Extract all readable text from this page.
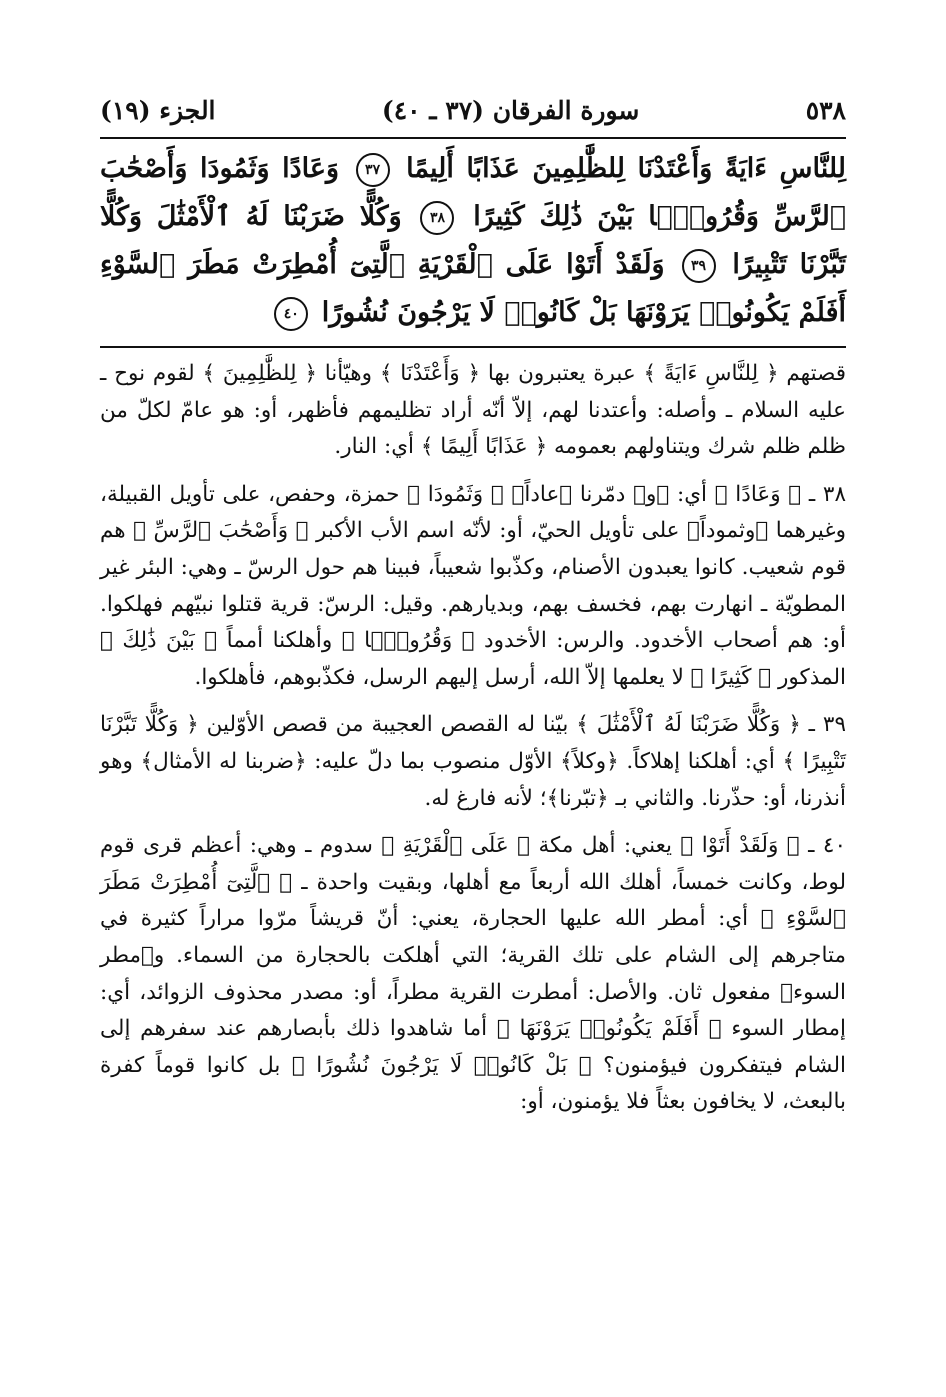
٥٣٨
سورة الفرقان (٣٧ ـ ٤٠)
الجزء (١٩)

لِلنَّاسِ ءَايَةً وَأَعْتَدْنَا لِلظَّٰلِمِينَ عَذَابًا أَلِيمًا ٣٧ وَعَادًا وَثَمُودَا وَأَصْحَٰبَ ٱلرَّسِّ وَقُرُونَۢا بَيْنَ ذَٰلِكَ كَثِيرًا ٣٨ وَكُلًّا ضَرَبْنَا لَهُ ٱلْأَمْثَٰلَ وَكُلًّا تَبَّرْنَا تَتْبِيرًا ٣٩ وَلَقَدْ أَتَوْا عَلَى ٱلْقَرْيَةِ ٱلَّتِىٓ أُمْطِرَتْ مَطَرَ ٱلسَّوْءِ أَفَلَمْ يَكُونُوا۟ يَرَوْنَهَا بَلْ كَانُوا۟ لَا يَرْجُونَ نُشُورًا ٤٠

قصتهم ﴿ لِلنَّاسِ ءَايَةً ﴾ عبرة يعتبرون بها ﴿ وَأَعْتَدْنَا ﴾ وهيّأنا ﴿ لِلظَّٰلِمِينَ ﴾ لقوم نوح ـ عليه السلام ـ وأصله: وأعتدنا لهم، إلاّ أنّه أراد تظليمهم فأظهر، أو: هو عامّ لكلّ من ظلم ظلم شرك ويتناولهم بعمومه ﴿ عَذَابًا أَلِيمًا ﴾ أي: النار.

٣٨ ـ ﴿ وَعَادًا ﴾ أي: ﴿و﴾ دمّرنا ﴿عاداً﴾ ﴿ وَثَمُودَا ﴾ حمزة، وحفص، على تأويل القبيلة، وغيرهما ﴿وثموداً﴾ على تأويل الحيّ، أو: لأنّه اسم الأب الأكبر ﴿ وَأَصْحَٰبَ ٱلرَّسِّ ﴾ هم قوم شعيب. كانوا يعبدون الأصنام، وكذّبوا شعيباً، فبينا هم حول الرسّ ـ وهي: البئر غير المطويّة ـ انهارت بهم، فخسف بهم، وبديارهم. وقيل: الرسّ: قرية قتلوا نبيّهم فهلكوا. أو: هم أصحاب الأخدود. والرس: الأخدود ﴿ وَقُرُونَۢا ﴾ وأهلكنا أمماً ﴿ بَيْنَ ذَٰلِكَ ﴾ المذكور ﴿ كَثِيرًا ﴾ لا يعلمها إلاّ الله، أرسل إليهم الرسل، فكذّبوهم، فأهلكوا.

٣٩ ـ ﴿ وَكُلًّا ضَرَبْنَا لَهُ ٱلْأَمْثَٰلَ ﴾ بيّنا له القصص العجيبة من قصص الأوّلين ﴿ وَكُلًّا تَبَّرْنَا تَتْبِيرًا ﴾ أي: أهلكنا إهلاكاً. ﴿وكلاً﴾ الأوّل منصوب بما دلّ عليه: ﴿ضربنا له الأمثال﴾ وهو أنذرنا، أو: حذّرنا. والثاني بـ ﴿تبّرنا﴾؛ لأنه فارغ له.

٤٠ ـ ﴿ وَلَقَدْ أَتَوْا ﴾ يعني: أهل مكة ﴿ عَلَى ٱلْقَرْيَةِ ﴾ سدوم ـ وهي: أعظم قرى قوم لوط، وكانت خمساً، أهلك الله أربعاً مع أهلها، وبقيت واحدة ـ ﴿ ٱلَّتِىٓ أُمْطِرَتْ مَطَرَ ٱلسَّوْءِ ﴾ أي: أمطر الله عليها الحجارة، يعني: أنّ قريشاً مرّوا مراراً كثيرة في متاجرهم إلى الشام على تلك القرية؛ التي أهلكت بالحجارة من السماء. و﴿مطر السوء﴾ مفعول ثان. والأصل: أمطرت القرية مطراً، أو: مصدر محذوف الزوائد، أي: إمطار السوء ﴿ أَفَلَمْ يَكُونُوا۟ يَرَوْنَهَا ﴾ أما شاهدوا ذلك بأبصارهم عند سفرهم إلى الشام فيتفكرون فيؤمنون؟ ﴿ بَلْ كَانُوا۟ لَا يَرْجُونَ نُشُورًا ﴾ بل كانوا قوماً كفرة بالبعث، لا يخافون بعثاً فلا يؤمنون، أو:
